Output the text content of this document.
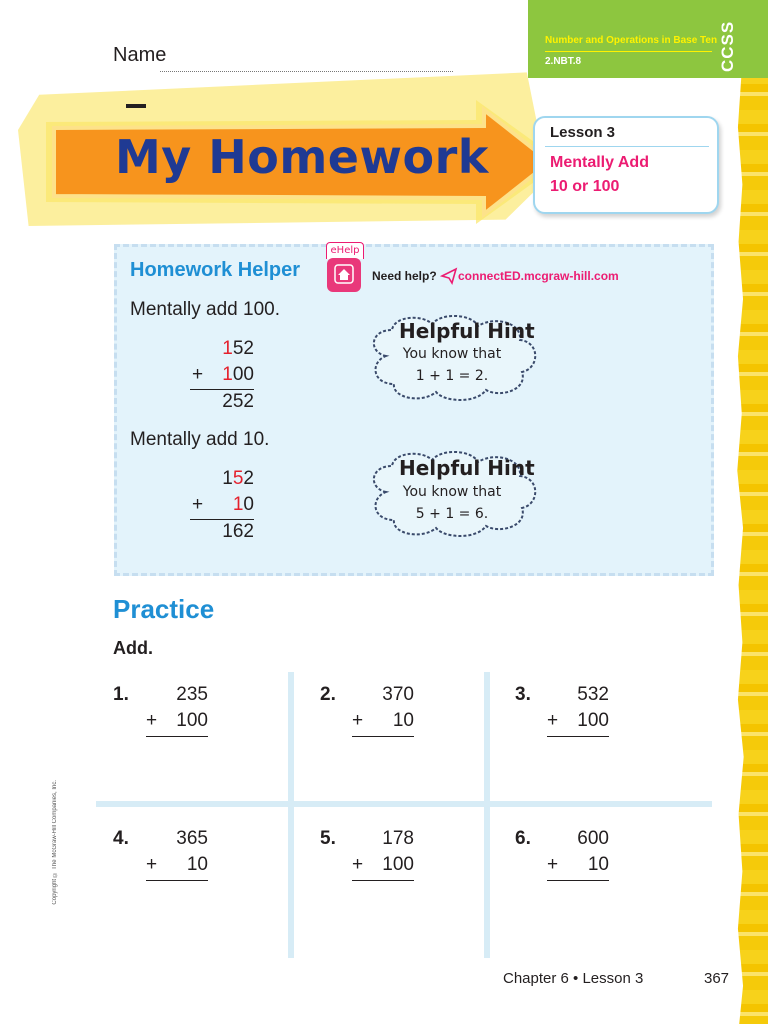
Number and Operations in Base Ten
2.NBT.8	CCSS
Name
My Homework	Lesson 3
Mentally Add
10 or 100
Homework Helper
eHelp
Need help? connectED.mcgraw-hill.com
Mentally add 100.
152
+	100
252
Helpful Hint
You know that
1 + 1 = 2.
Mentally add 10.
152
+	10
162
Helpful Hint
You know that
5 + 1 = 6.
Practice
Add.
1.	235
+	100
2.	370
+	10
3.	532
+	100
4.	365
+	10
5.	178
+	100
6.	600
+	10
Copyright © The McGraw-Hill Companies, Inc.
Chapter 6 • Lesson 3	367
